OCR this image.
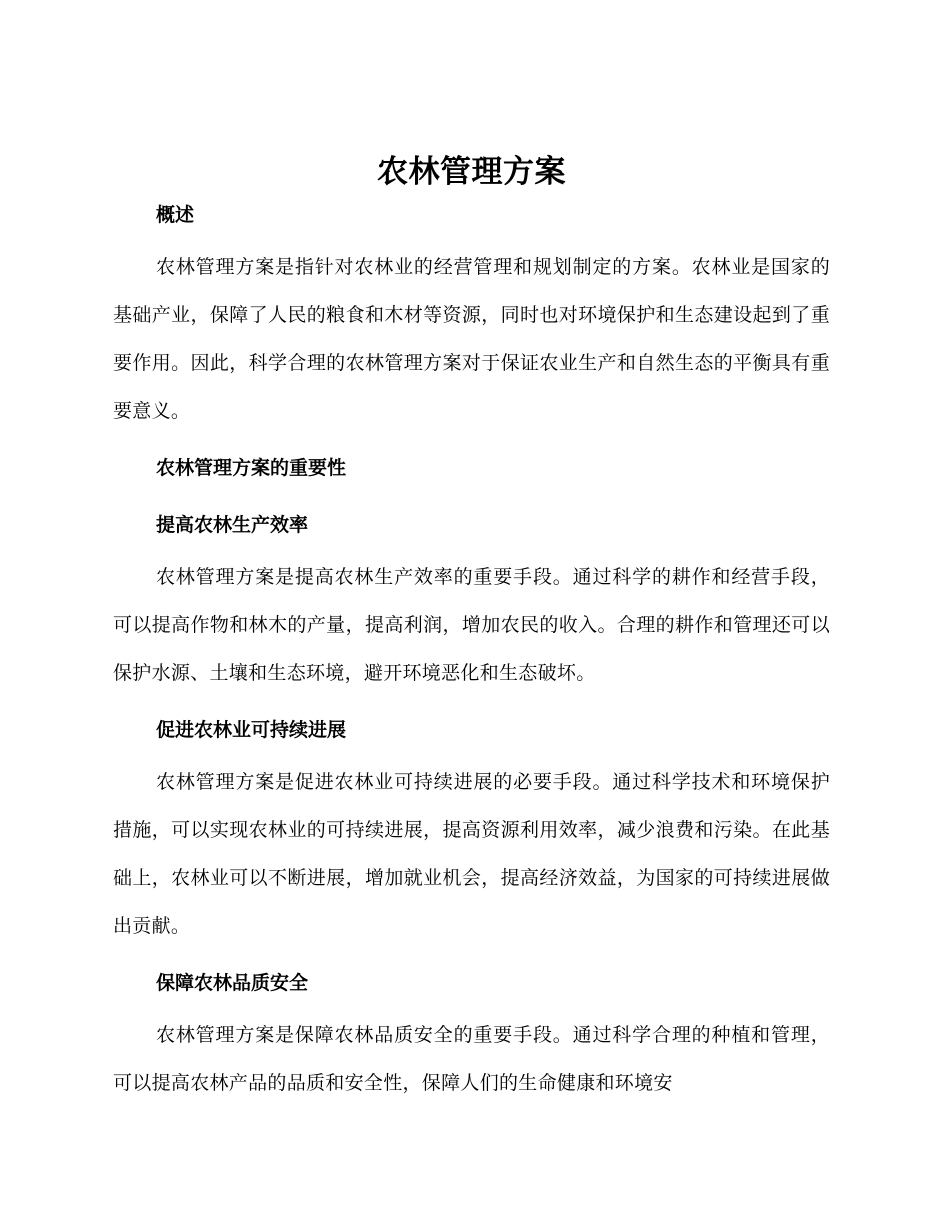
农林管理方案

概述

农林管理方案是指针对农林业的经营管理和规划制定的方案。农林业是国家的基础产业，保障了人民的粮食和木材等资源，同时也对环境保护和生态建设起到了重要作用。因此，科学合理的农林管理方案对于保证农业生产和自然生态的平衡具有重要意义。

农林管理方案的重要性

提高农林生产效率

农林管理方案是提高农林生产效率的重要手段。通过科学的耕作和经营手段，可以提高作物和林木的产量，提高利润，增加农民的收入。合理的耕作和管理还可以保护水源、土壤和生态环境，避开环境恶化和生态破坏。

促进农林业可持续进展

农林管理方案是促进农林业可持续进展的必要手段。通过科学技术和环境保护措施，可以实现农林业的可持续进展，提高资源利用效率，减少浪费和污染。在此基础上，农林业可以不断进展，增加就业机会，提高经济效益，为国家的可持续进展做出贡献。

保障农林品质安全

农林管理方案是保障农林品质安全的重要手段。通过科学合理的种植和管理，可以提高农林产品的品质和安全性，保障人们的生命健康和环境安
